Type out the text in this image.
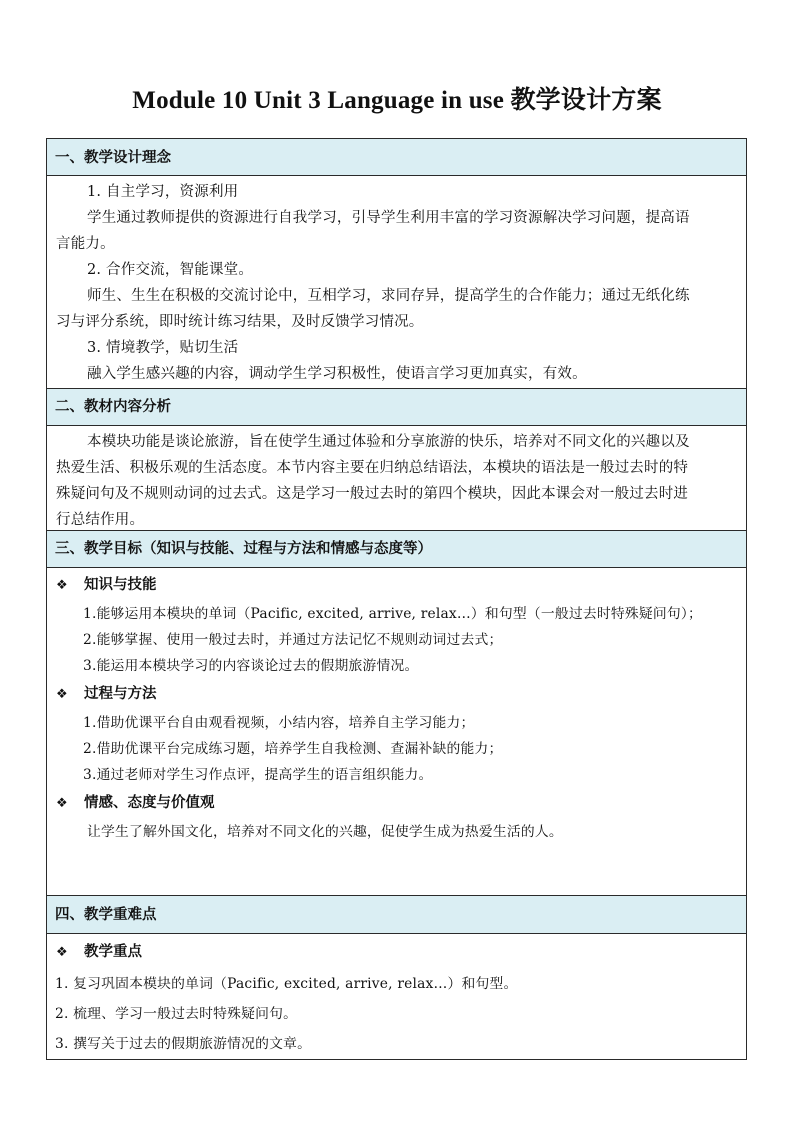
Module 10 Unit 3 Language in use 教学设计方案
一、教学设计理念
1. 自主学习，资源利用
学生通过教师提供的资源进行自我学习，引导学生利用丰富的学习资源解决学习问题，提高语
言能力。
2. 合作交流，智能课堂。
师生、生生在积极的交流讨论中，互相学习，求同存异，提高学生的合作能力；通过无纸化练
习与评分系统，即时统计练习结果，及时反馈学习情况。
3. 情境教学，贴切生活
融入学生感兴趣的内容，调动学生学习积极性，使语言学习更加真实，有效。
二、教材内容分析
本模块功能是谈论旅游，旨在使学生通过体验和分享旅游的快乐，培养对不同文化的兴趣以及
热爱生活、积极乐观的生活态度。本节内容主要在归纳总结语法，本模块的语法是一般过去时的特
殊疑问句及不规则动词的过去式。这是学习一般过去时的第四个模块，因此本课会对一般过去时进
行总结作用。
三、教学目标（知识与技能、过程与方法和情感与态度等）
❖ 知识与技能
1.能够运用本模块的单词（Pacific, excited, arrive, relax…）和句型（一般过去时特殊疑问句）；
2.能够掌握、使用一般过去时，并通过方法记忆不规则动词过去式；
3.能运用本模块学习的内容谈论过去的假期旅游情况。
❖ 过程与方法
1.借助优课平台自由观看视频，小结内容，培养自主学习能力；
2.借助优课平台完成练习题，培养学生自我检测、查漏补缺的能力；
3.通过老师对学生习作点评，提高学生的语言组织能力。
❖ 情感、态度与价值观
让学生了解外国文化，培养对不同文化的兴趣，促使学生成为热爱生活的人。
四、教学重难点
❖ 教学重点
1. 复习巩固本模块的单词（Pacific, excited, arrive, relax…）和句型。
2. 梳理、学习一般过去时特殊疑问句。
3. 撰写关于过去的假期旅游情况的文章。
